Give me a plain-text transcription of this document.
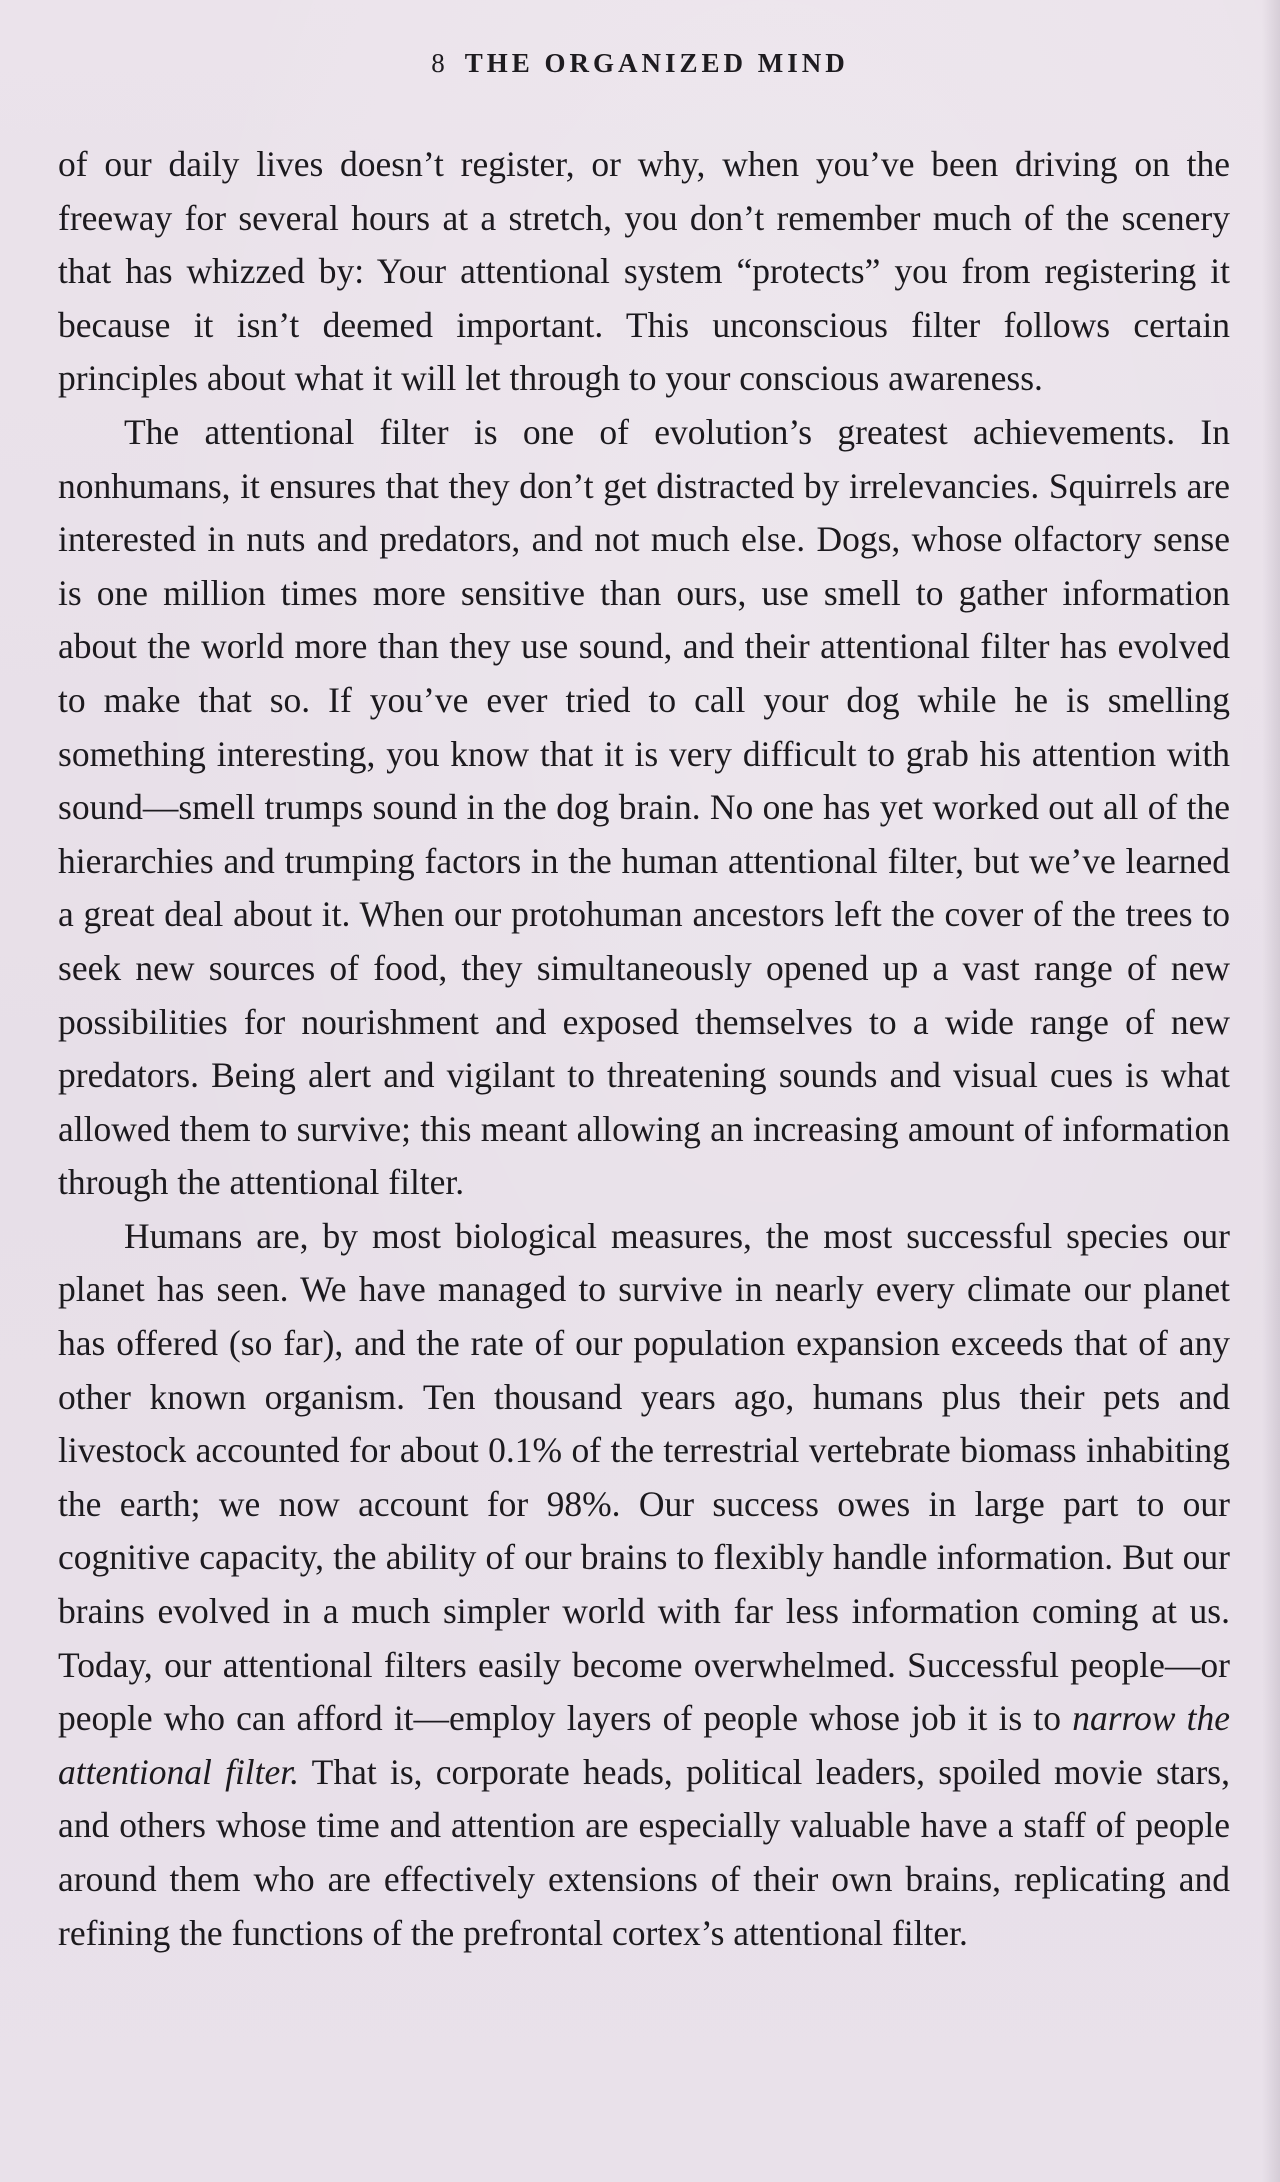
8 THE ORGANIZED MIND

of our daily lives doesn’t register, or why, when you’ve been driving on the freeway for several hours at a stretch, you don’t remember much of the scenery that has whizzed by: Your attentional system “protects” you from registering it because it isn’t deemed important. This unconscious filter follows certain principles about what it will let through to your conscious awareness.

The attentional filter is one of evolution’s greatest achievements. In nonhumans, it ensures that they don’t get distracted by irrelevancies. Squirrels are interested in nuts and predators, and not much else. Dogs, whose olfactory sense is one million times more sensitive than ours, use smell to gather information about the world more than they use sound, and their attentional filter has evolved to make that so. If you’ve ever tried to call your dog while he is smelling something interesting, you know that it is very difficult to grab his attention with sound—smell trumps sound in the dog brain. No one has yet worked out all of the hierarchies and trumping factors in the human attentional filter, but we’ve learned a great deal about it. When our protohuman ancestors left the cover of the trees to seek new sources of food, they simultaneously opened up a vast range of new possibilities for nourishment and exposed themselves to a wide range of new predators. Being alert and vigilant to threatening sounds and visual cues is what allowed them to survive; this meant allowing an increasing amount of information through the attentional filter.

Humans are, by most biological measures, the most successful species our planet has seen. We have managed to survive in nearly every climate our planet has offered (so far), and the rate of our population expansion exceeds that of any other known organism. Ten thousand years ago, humans plus their pets and livestock accounted for about 0.1% of the terrestrial vertebrate biomass inhabiting the earth; we now account for 98%. Our success owes in large part to our cognitive capacity, the ability of our brains to flexibly handle information. But our brains evolved in a much simpler world with far less information coming at us. Today, our attentional filters easily become overwhelmed. Successful people—or people who can afford it—employ layers of people whose job it is to narrow the attentional filter. That is, corporate heads, political leaders, spoiled movie stars, and others whose time and attention are especially valuable have a staff of people around them who are effectively extensions of their own brains, replicating and refining the functions of the prefrontal cortex’s attentional filter.
